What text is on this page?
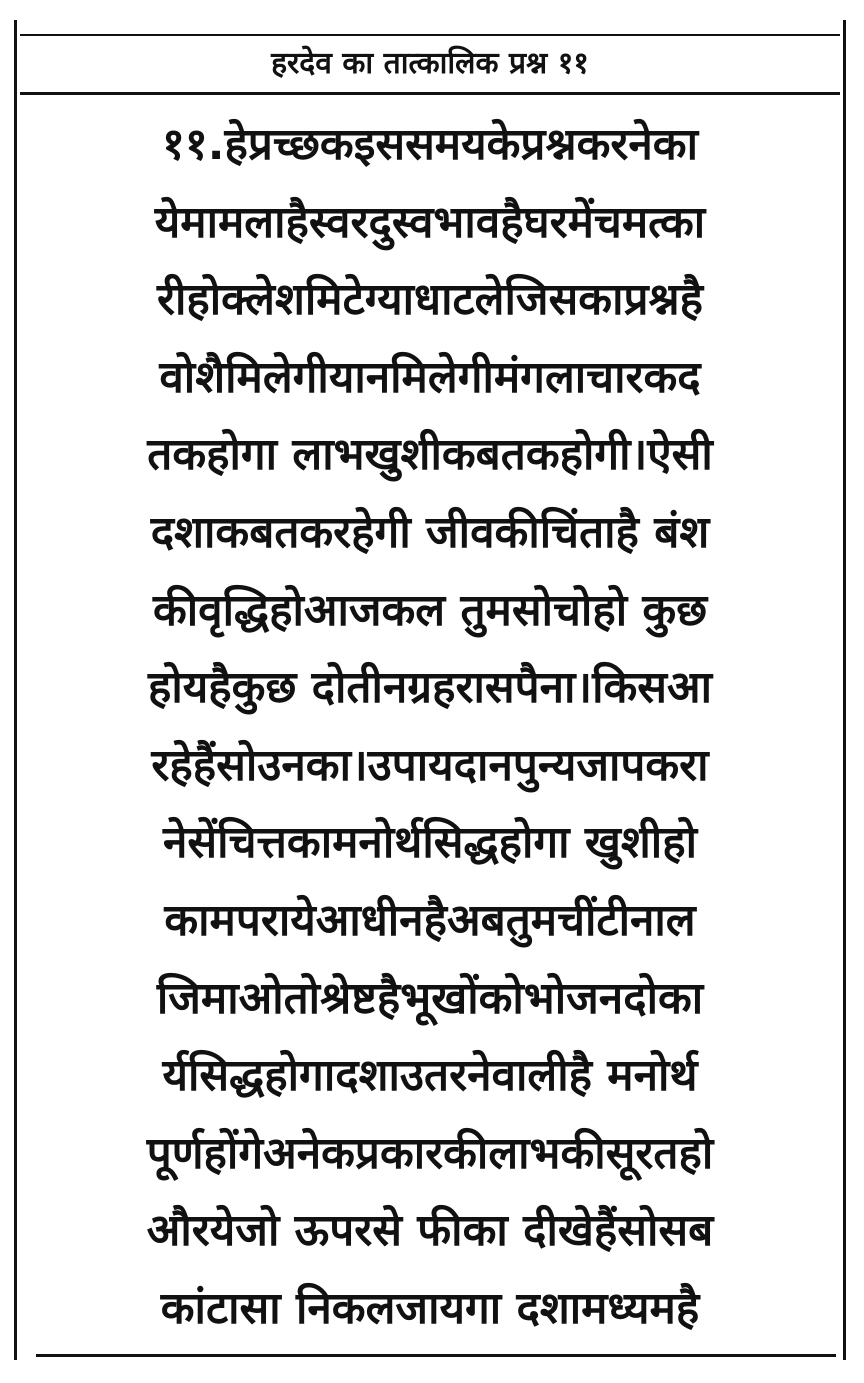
हरदेव का तात्कालिक प्रश्न ११
११.हेप्रच्छकइससमयकेप्रश्नकरनेका
येमामलाहैस्वरदुस्वभावहैघरमेंचमत्का
रीहोक्लेशमिटेग्याधाटलेजिसकाप्रश्नहै
वोशैमिलेगीयानमिलेगीमंगलाचारकद
तकहोगा लाभखुशीकबतकहोगी।ऐसी
दशाकबतकरहेगी जीवकीचिंताहै बंश
कीवृद्धिहोआजकल तुमसोचोहो कुछ
होयहैकुछ दोतीनग्रहरासपैना।किसआ
रहेहैंसोउनका।उपायदानपुन्यजापकरा
नेसेंचित्तकामनोर्थसिद्धहोगा खुशीहो
कामपरायेआधीनहैअबतुमचींटीनाल
जिमाओतोश्रेष्टहैभूखोंकोभोजनदोका
र्यसिद्धहोगादशाउतरनेवालीहै मनोर्थ
पूर्णहोंगेअनेकप्रकारकीलाभकीसूरतहो
औरयेजो ऊपरसे फीका दीखेहैंसोसब
कांटासा निकलजायगा दशामध्यमहै
